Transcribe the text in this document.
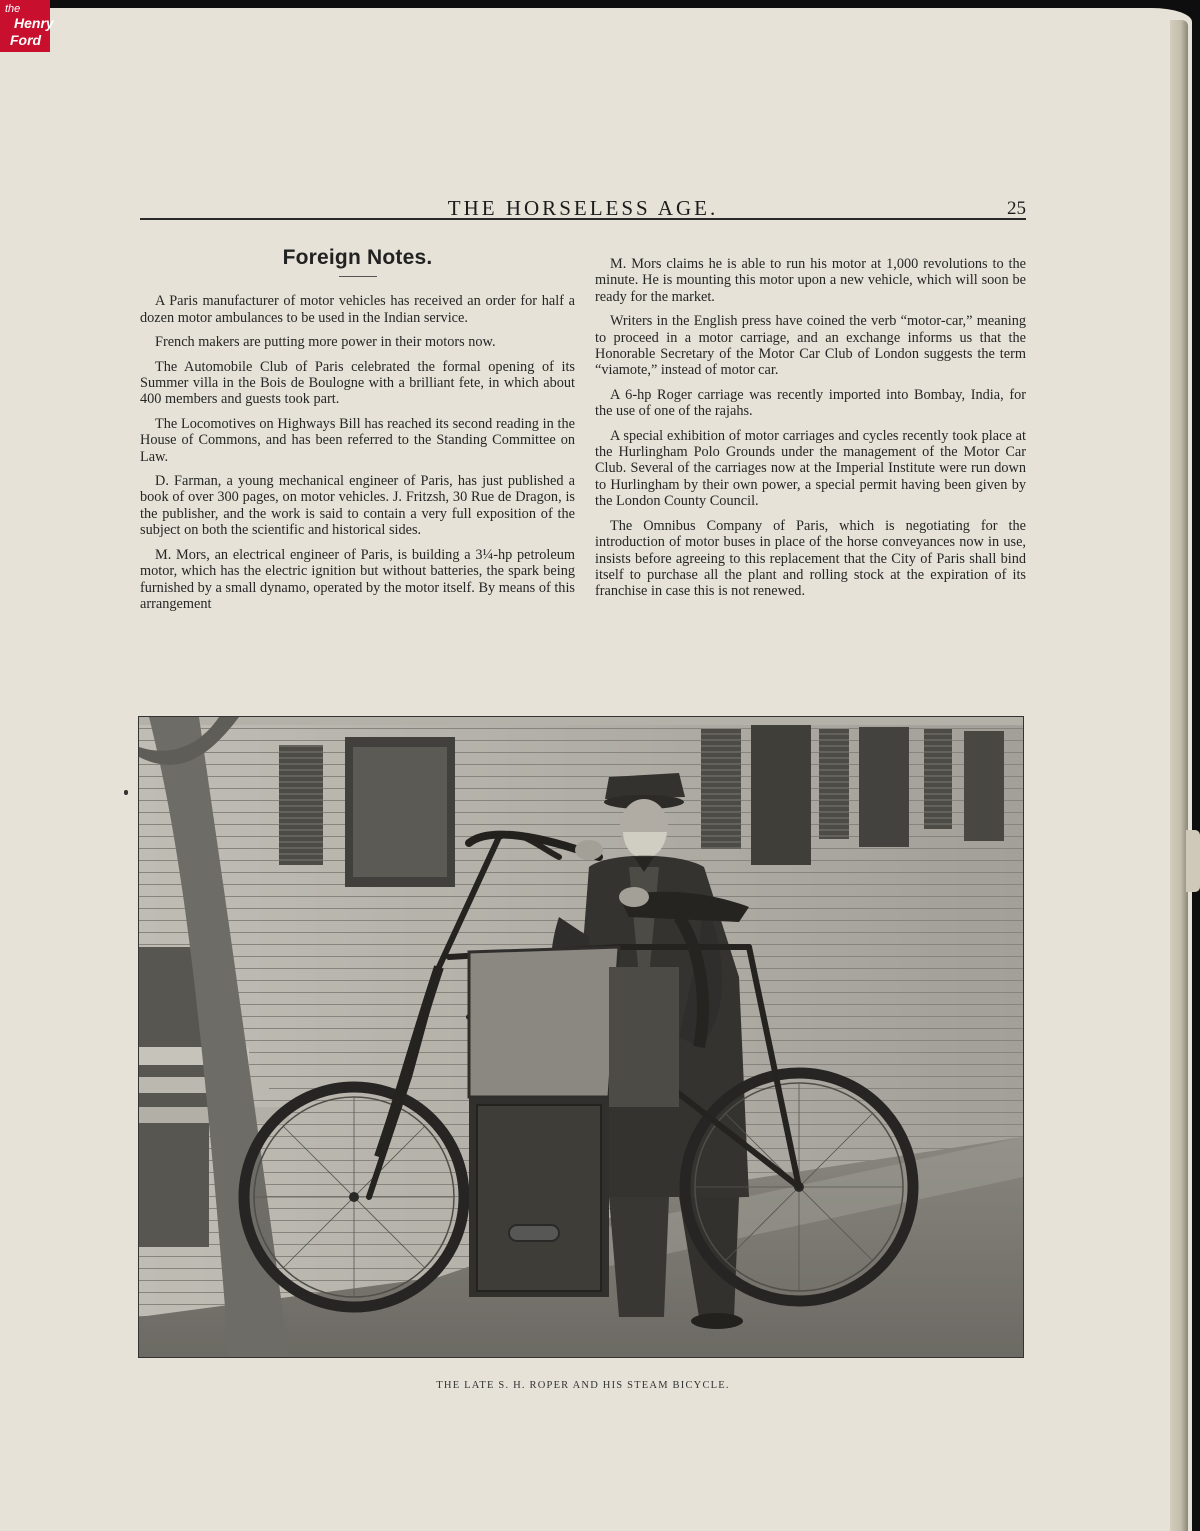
the
Henry
Ford
THE HORSELESS AGE.	25
Foreign Notes.

A Paris manufacturer of motor vehicles has received an order for half a dozen motor ambulances to be used in the Indian service.

French makers are putting more power in their motors now.

The Automobile Club of Paris celebrated the formal opening of its Summer villa in the Bois de Boulogne with a brilliant fete, in which about 400 members and guests took part.

The Locomotives on Highways Bill has reached its second reading in the House of Commons, and has been referred to the Standing Committee on Law.

D. Farman, a young mechanical engineer of Paris, has just published a book of over 300 pages, on motor vehicles. J. Fritzsh, 30 Rue de Dragon, is the publisher, and the work is said to contain a very full exposition of the subject on both the scientific and historical sides.

M. Mors, an electrical engineer of Paris, is building a 3¼-hp petroleum motor, which has the electric ignition but without batteries, the spark being furnished by a small dynamo, operated by the motor itself. By means of this arrangement

M. Mors claims he is able to run his motor at 1,000 revolutions to the minute. He is mounting this motor upon a new vehicle, which will soon be ready for the market.

Writers in the English press have coined the verb “motor-car,” meaning to proceed in a motor carriage, and an exchange informs us that the Honorable Secretary of the Motor Car Club of London suggests the term “viamote,” instead of motor car.

A 6-hp Roger carriage was recently imported into Bombay, India, for the use of one of the rajahs.

A special exhibition of motor carriages and cycles recently took place at the Hurlingham Polo Grounds under the management of the Motor Car Club. Several of the carriages now at the Imperial Institute were run down to Hurlingham by their own power, a special permit having been given by the London County Council.

The Omnibus Company of Paris, which is negotiating for the introduction of motor buses in place of the horse conveyances now in use, insists before agreeing to this replacement that the City of Paris shall bind itself to purchase all the plant and rolling stock at the expiration of its franchise in case this is not renewed.

THE LATE S. H. ROPER AND HIS STEAM BICYCLE.
